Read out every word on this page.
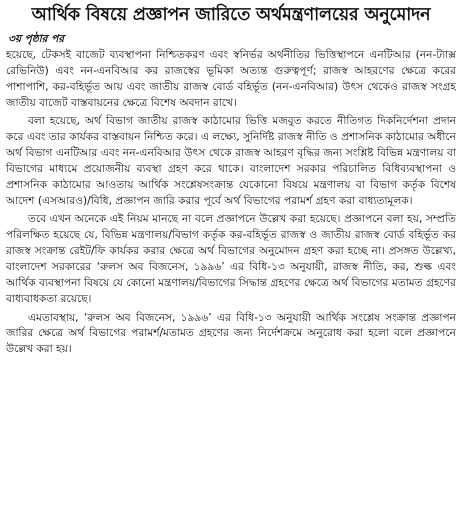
আর্থিক বিষয়ে প্রজ্ঞাপন জারিতে অর্থমন্ত্রণালয়ের অনুমোদন
৩য় পৃষ্ঠার পর

হয়েছে, টেকসই বাজেট ব্যবস্থাপনা নিশ্চিতকরণ এবং স্বনির্ভর অর্থনীতির ভিত্তিস্থাপনে এনটিআর (নন-ট্যাক্স রেভিনিউ) এবং নন-এনবিআর কর রাজস্বের ভূমিকা অত্যন্ত গুরুত্বপূর্ণ; রাজস্ব আহরণের ক্ষেত্রে করের পাশাপাশি, কর-বহির্ভূত আয় এবং জাতীয় রাজস্ব বোর্ড বহির্ভূত (নন-এনবিআর) উৎস থেকেও রাজস্ব সংগ্রহ জাতীয় বাজেট বাস্তবায়নের ক্ষেত্রে বিশেষ অবদান রাখে।

বলা হয়েছে, অর্থ বিভাগ জাতীয় রাজস্ব কাঠামোর ভিত্তি মজবুত করতে নীতিগত দিকনির্দেশনা প্রদান করে এবং তার কার্যকর বাস্তবায়ন নিশ্চিত করে। এ লক্ষ্যে, সুনির্দিষ্ট রাজস্ব নীতি ও প্রশাসনিক কাঠামোর অধীনে অর্থ বিভাগ এনটিআর এবং নন-এনবিআর উৎস থেকে রাজস্ব আহরণ বৃদ্ধির জন্য সংশ্লিষ্ট বিভিন্ন মন্ত্রণালয় বা বিভাগের মাধ্যমে প্রয়োজনীয় ব্যবস্থা গ্রহণ করে থাকে। বাংলাদেশ সরকার পরিচালিত বিধিব্যবস্থাপনা ও প্রশাসনিক কাঠামোর আওতায় আর্থিক সংশ্লেষসংক্রান্ত যেকোনো বিষয়ে মন্ত্রণালয় বা বিভাগ কর্তৃক বিশেষ আদেশ (এসআরও)/বিধি, প্রজ্ঞাপন জারি করার পূর্বে অর্থ বিভাগের পরামর্শ গ্রহণ করা বাধ্যতামূলক।

তবে এখন অনেকে এই নিয়ম মানছে না বলে প্রজ্ঞাপনে উল্লেখ করা হয়েছে। প্রজ্ঞাপনে বলা হয়, সম্প্রতি পরিলক্ষিত হয়েছে যে, বিভিন্ন মন্ত্রণালয়/বিভাগ কর্তৃক কর-বহির্ভূত রাজস্ব ও জাতীয় রাজস্ব বোর্ড বহির্ভূত কর রাজস্ব সংক্রান্ত রেইট/ফি কার্যকর করার ক্ষেত্রে অর্থ বিভাগের অনুমোদন গ্রহণ করা হচ্ছে না। প্রসঙ্গত উল্লেখ্য, বাংলাদেশ সরকারের ‘রুলস অব বিজনেস, ১৯৯৬’ এর বিধি-১৩ অনুযায়ী, রাজস্ব নীতি, কর, শুল্ক এবং আর্থিক ব্যবস্থাপনা বিষয়ে যে কোনো মন্ত্রণালয়/বিভাগের সিদ্ধান্ত গ্রহণের ক্ষেত্রে অর্থ বিভাগের মতামত গ্রহণের বাধ্যবাধকতা রয়েছে।

এমতাবস্থায়, ‘রুলস অব বিজনেস, ১৯৯৬’ এর বিধি-১৩ অনুযায়ী আর্থিক সংশ্লেষ সংক্রান্ত প্রজ্ঞাপন জারির ক্ষেত্রে অর্থ বিভাগের পরামর্শ/মতামত গ্রহণের জন্য নির্দেশক্রমে অনুরোধ করা হলো বলে প্রজ্ঞাপনে উল্লেখ করা হয়।
